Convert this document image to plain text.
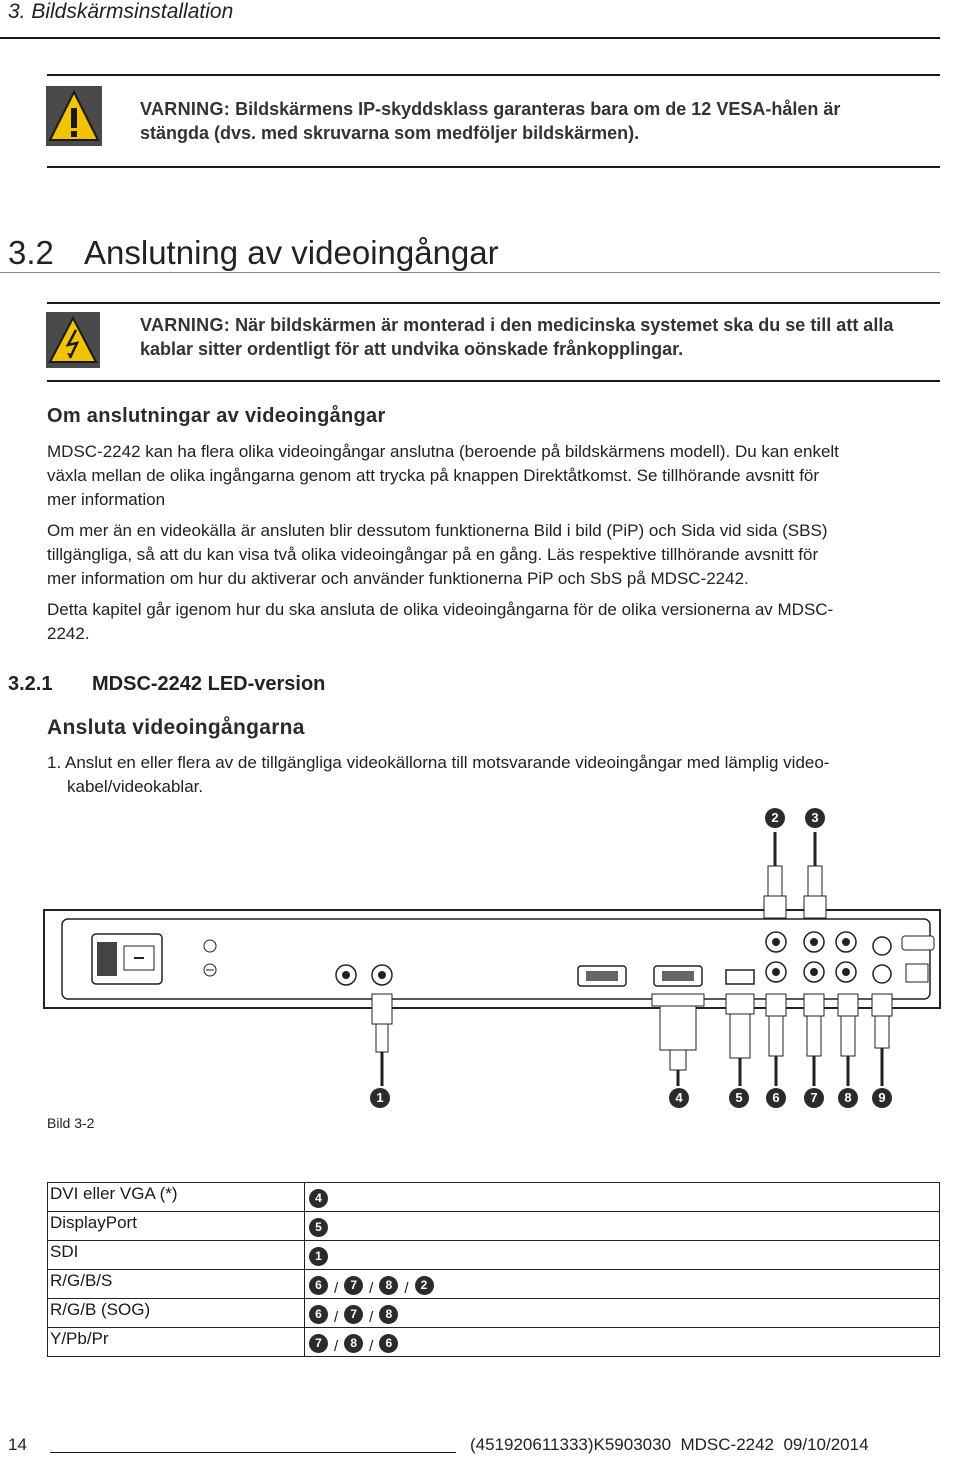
3. Bildskärmsinstallation
VARNING: Bildskärmens IP-skyddsklass garanteras bara om de 12 VESA-hålen är
stängda (dvs. med skruvarna som medföljer bildskärmen).
3.2 Anslutning av videoingångar
VARNING: När bildskärmen är monterad i den medicinska systemet ska du se till att alla
kablar sitter ordentligt för att undvika oönskade frånkopplingar.
Om anslutningar av videoingångar
MDSC-2242 kan ha flera olika videoingångar anslutna (beroende på bildskärmens modell). Du kan enkelt
växla mellan de olika ingångarna genom att trycka på knappen Direktåtkomst. Se tillhörande avsnitt för
mer information
Om mer än en videokälla är ansluten blir dessutom funktionerna Bild i bild (PiP) och Sida vid sida (SBS)
tillgängliga, så att du kan visa två olika videoingångar på en gång. Läs respektive tillhörande avsnitt för
mer information om hur du aktiverar och använder funktionerna PiP och SbS på MDSC-2242.
Detta kapitel går igenom hur du ska ansluta de olika videoingångarna för de olika versionerna av MDSC-
2242.
3.2.1 MDSC-2242 LED-version
Ansluta videoingångarna
1. Anslut en eller flera av de tillgängliga videokällorna till motsvarande videoingångar med lämplig video-
kabel/videokablar.
2	3
1	4	5	6	7	8	9
Bild 3-2
DVI eller VGA (*)	4

DisplayPort	5

SDI	1

R/G/B/S	6 / 7 / 8 / 2

R/G/B (SOG)	6 / 7 / 8

Y/Pb/Pr	7 / 8 / 6
14	(451920611333)K5903030  MDSC-2242  09/10/2014
